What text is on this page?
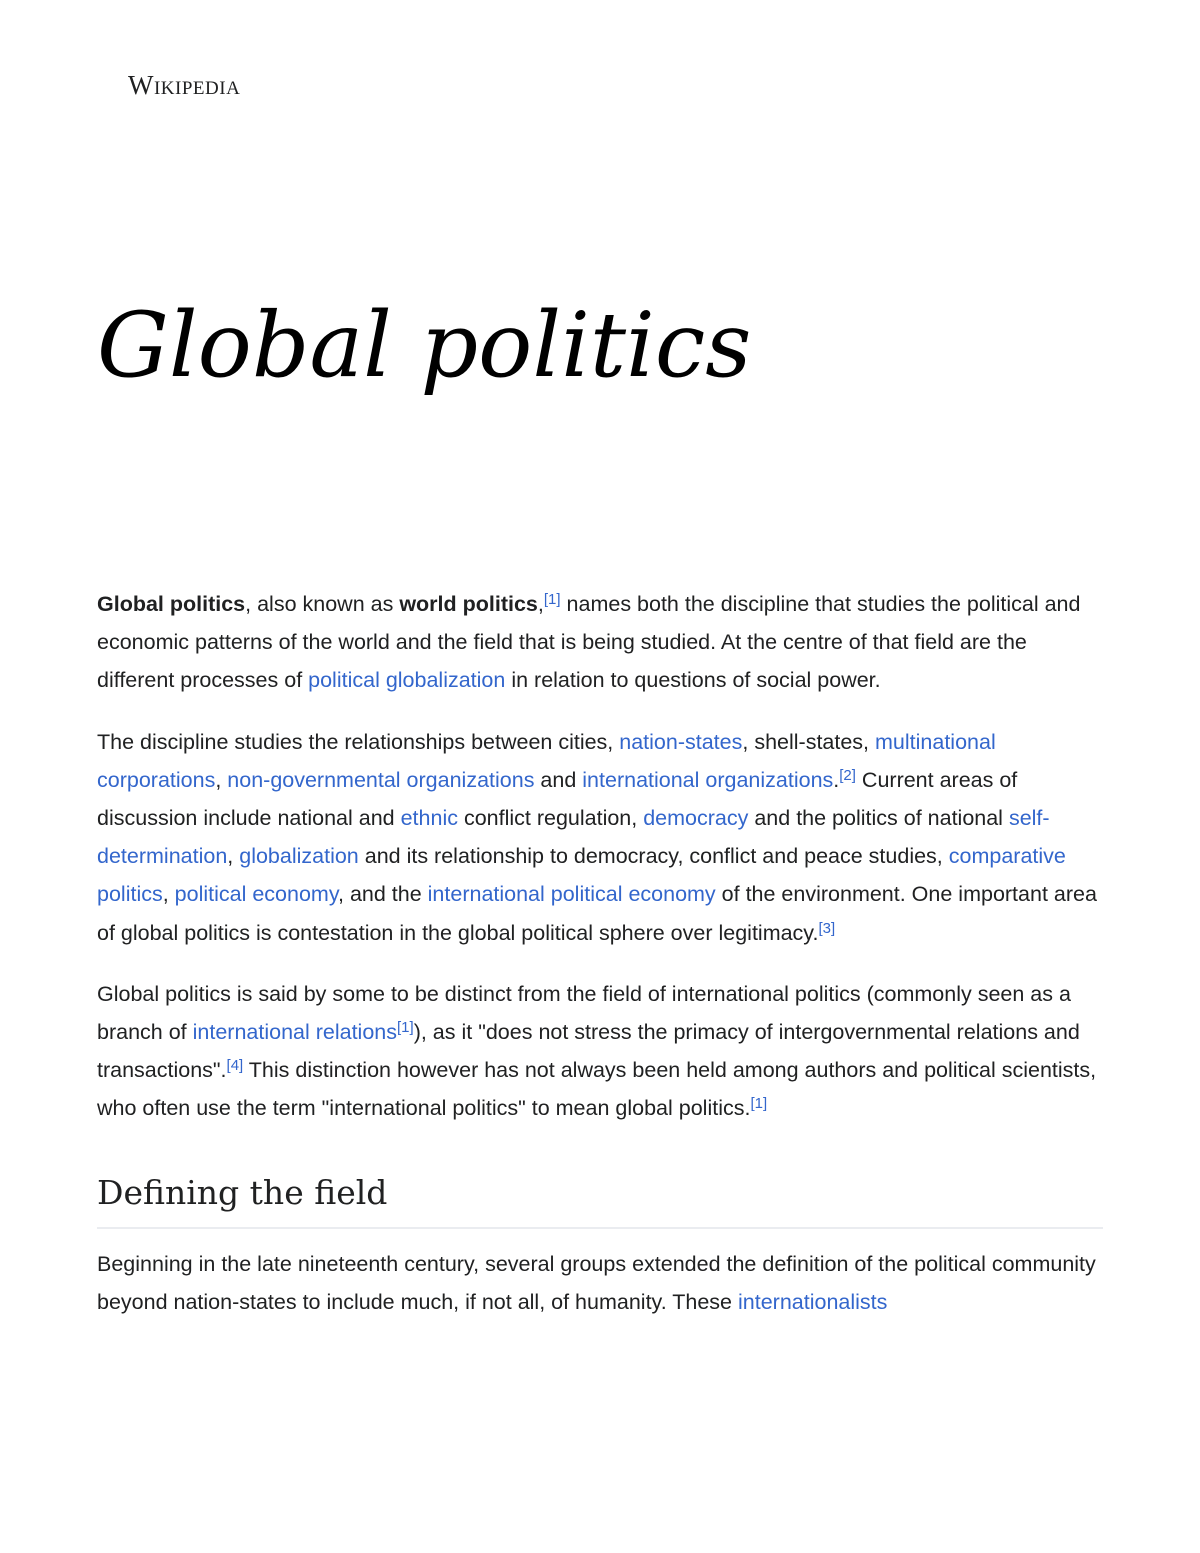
Wikipedia
Global politics

Global politics, also known as world politics,[1] names both the discipline that studies the political and economic patterns of the world and the field that is being studied. At the centre of that field are the different processes of political globalization in relation to questions of social power.

The discipline studies the relationships between cities, nation-states, shell-states, multinational corporations, non-governmental organizations and international organizations.[2] Current areas of discussion include national and ethnic conflict regulation, democracy and the politics of national self-determination, globalization and its relationship to democracy, conflict and peace studies, comparative politics, political economy, and the international political economy of the environment. One important area of global politics is contestation in the global political sphere over legitimacy.[3]

Global politics is said by some to be distinct from the field of international politics (commonly seen as a branch of international relations[1]), as it "does not stress the primacy of intergovernmental relations and transactions".[4] This distinction however has not always been held among authors and political scientists, who often use the term "international politics" to mean global politics.[1]

Defining the field

Beginning in the late nineteenth century, several groups extended the definition of the political community beyond nation-states to include much, if not all, of humanity. These internationalists
